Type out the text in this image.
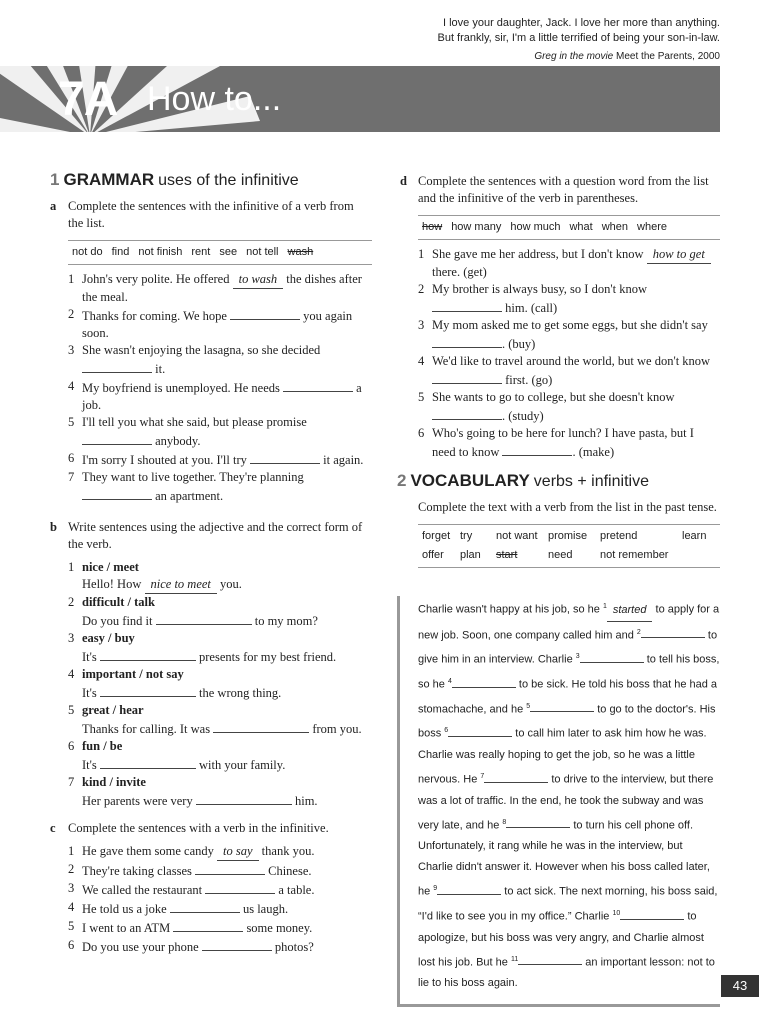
I love your daughter, Jack. I love her more than anything.
But frankly, sir, I'm a little terrified of being your son-in-law.
Greg in the movie Meet the Parents, 2000
7A How to...
1 GRAMMAR uses of the infinitive
a Complete the sentences with the infinitive of a verb from the list.
not do find not finish rent see not tell wash
1 John's very polite. He offered to wash the dishes after the meal.
2 Thanks for coming. We hope	you again soon.
3 She wasn't enjoying the lasagna, so she decided  it.
4 My boyfriend is unemployed. He needs	a job.
5 I'll tell you what she said, but please promise  anybody.
6 I'm sorry I shouted at you. I'll try	it again.
7 They want to live together. They're planning  an apartment.
b Write sentences using the adjective and the correct form of the verb.
1 nice / meet
Hello! How nice to meet you.
2 difficult / talk
Do you find it	to my mom?
3 easy / buy
It's	presents for my best friend.
4 important / not say
It's	the wrong thing.
5 great / hear
Thanks for calling. It was	from you.
6 fun / be
It's	with your family.
7 kind / invite
Her parents were very	him.
c Complete the sentences with a verb in the infinitive.
1 He gave them some candy to say thank you.
2 They're taking classes	Chinese.
3 We called the restaurant	a table.
4 He told us a joke	us laugh.
5 I went to an ATM	some money.
6 Do you use your phone	photos?
d Complete the sentences with a question word from the list and the infinitive of the verb in parentheses.
how how many how much what when where
1 She gave me her address, but I don't know how to get there. (get)
2 My brother is always busy, so I don't know  him. (call)
3 My mom asked me to get some eggs, but she didn't say . (buy)
4 We'd like to travel around the world, but we don't know  first. (go)
5 She wants to go to college, but she doesn't know . (study)
6 Who's going to be here for lunch? I have pasta, but I need to know	. (make)
2 VOCABULARY verbs + infinitive
Complete the text with a verb from the list in the past tense.
forget try	not want promise	pretend	learn
offer	plan	start	need	not remember
Charlie wasn't happy at his job, so he $^1$ started to apply for a new job. Soon, one company called him and $^2$	to give him in an interview. Charlie $^3$	to tell his boss, so he $^4$	to be sick. He told his boss that he had a stomachache, and he $^5$	to go to the doctor's. His boss $^6$	to call him later to ask him how he was. Charlie was really hoping to get the job, so he was a little nervous. He $^7$	to drive to the interview, but there was a lot of traffic. In the end, he took the subway and was very late, and he $^8$	to turn his cell phone off. Unfortunately, it rang while he was in the interview, but Charlie didn't answer it. However when his boss called later, he $^9$	to act sick. The next morning, his boss said, “I'd like to see you in my office.” Charlie $^{10}$	to apologize, but his boss was very angry, and Charlie almost lost his job. But he $^{11}$	an important lesson: not to lie to his boss again.	43
